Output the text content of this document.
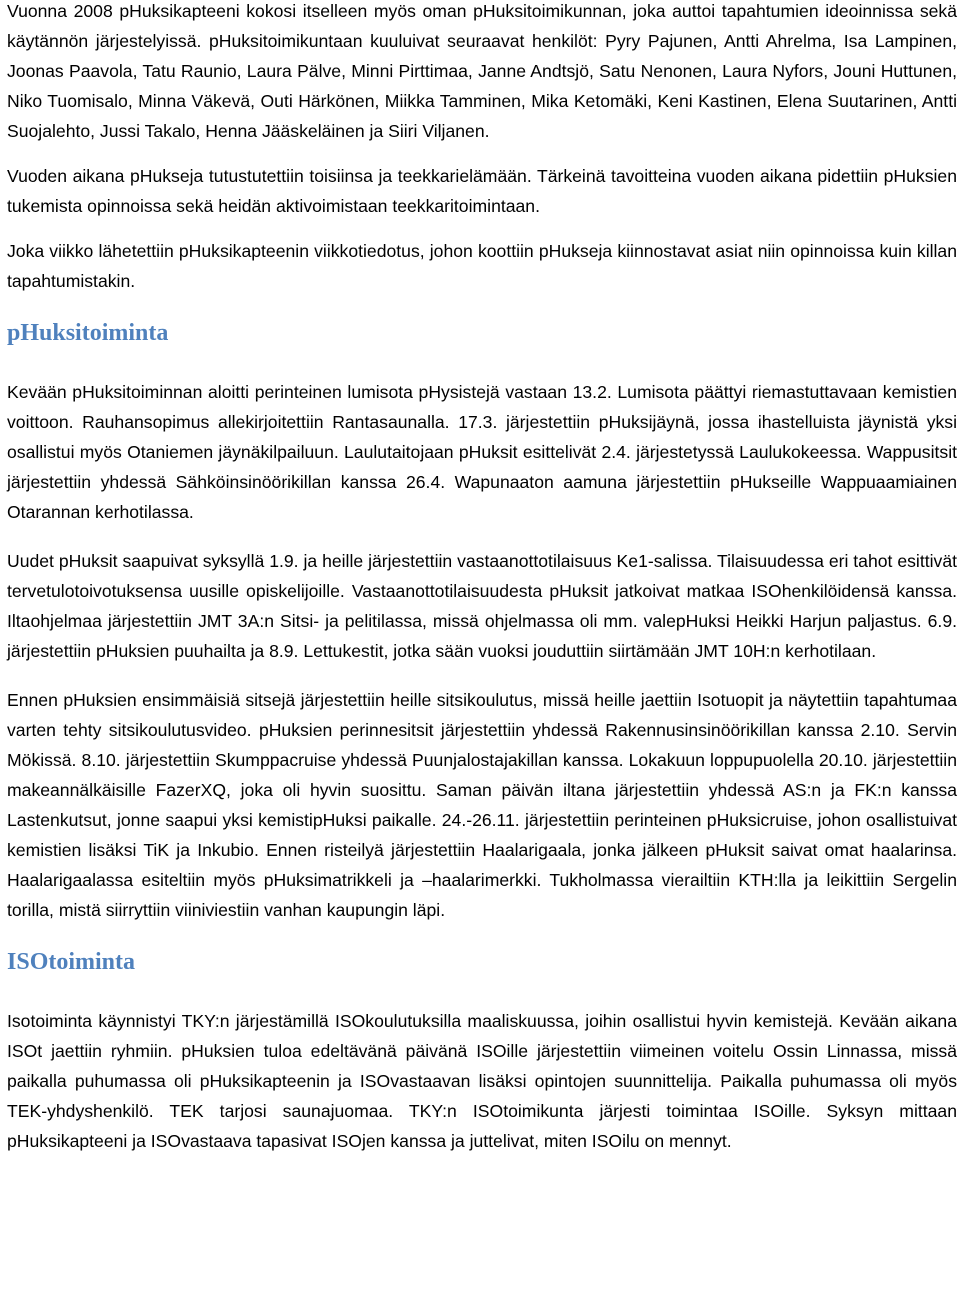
Vuonna 2008 pHuksikapteeni kokosi itselleen myös oman pHuksitoimikunnan, joka auttoi tapahtumien ideoinnissa sekä käytännön järjestelyissä. pHuksitoimikuntaan kuuluivat seuraavat henkilöt: Pyry Pajunen, Antti Ahrelma, Isa Lampinen, Joonas Paavola, Tatu Raunio, Laura Pälve, Minni Pirttimaa, Janne Andtsjö, Satu Nenonen, Laura Nyfors, Jouni Huttunen, Niko Tuomisalo, Minna Väkevä, Outi Härkönen, Miikka Tamminen, Mika Ketomäki, Keni Kastinen, Elena Suutarinen, Antti Suojalehto, Jussi Takalo, Henna Jääskeläinen ja Siiri Viljanen.

Vuoden aikana pHukseja tutustutettiin toisiinsa ja teekkarielämään. Tärkeinä tavoitteina vuoden aikana pidettiin pHuksien tukemista opinnoissa sekä heidän aktivoimistaan teekkaritoimintaan.

Joka viikko lähetettiin pHuksikapteenin viikkotiedotus, johon koottiin pHukseja kiinnostavat asiat niin opinnoissa kuin killan tapahtumistakin.

pHuksitoiminta

Kevään pHuksitoiminnan aloitti perinteinen lumisota pHysistejä vastaan 13.2. Lumisota päättyi riemastuttavaan kemistien voittoon. Rauhansopimus allekirjoitettiin Rantasaunalla. 17.3. järjestettiin pHuksijäynä, jossa ihastelluista jäynistä yksi osallistui myös Otaniemen jäynäkilpailuun. Laulutaitojaan pHuksit esittelivät 2.4. järjestetyssä Laulukokeessa. Wappusitsit järjestettiin yhdessä Sähköinsinöörikillan kanssa 26.4. Wapunaaton aamuna järjestettiin pHukseille Wappuaamiainen Otarannan kerhotilassa.

Uudet pHuksit saapuivat syksyllä 1.9. ja heille järjestettiin vastaanottotilaisuus Ke1-salissa. Tilaisuudessa eri tahot esittivät tervetulotoivotuksensa uusille opiskelijoille. Vastaanottotilaisuudesta pHuksit jatkoivat matkaa ISOhenkilöidensä kanssa. Iltaohjelmaa järjestettiin JMT 3A:n Sitsi- ja pelitilassa, missä ohjelmassa oli mm. valepHuksi Heikki Harjun paljastus. 6.9. järjestettiin pHuksien puuhailta ja 8.9. Lettukestit, jotka sään vuoksi jouduttiin siirtämään JMT 10H:n kerhotilaan.

Ennen pHuksien ensimmäisiä sitsejä järjestettiin heille sitsikoulutus, missä heille jaettiin Isotuopit ja näytettiin tapahtumaa varten tehty sitsikoulutusvideo. pHuksien perinnesitsit järjestettiin yhdessä Rakennusinsinöörikillan kanssa 2.10. Servin Mökissä. 8.10. järjestettiin Skumppacruise yhdessä Puunjalostajakillan kanssa. Lokakuun loppupuolella 20.10. järjestettiin makeannälkäisille FazerXQ, joka oli hyvin suosittu. Saman päivän iltana järjestettiin yhdessä AS:n ja FK:n kanssa Lastenkutsut, jonne saapui yksi kemistipHuksi paikalle. 24.-26.11. järjestettiin perinteinen pHuksicruise, johon osallistuivat kemistien lisäksi TiK ja Inkubio. Ennen risteilyä järjestettiin Haalarigaala, jonka jälkeen pHuksit saivat omat haalarinsa. Haalarigaalassa esiteltiin myös pHuksimatrikkeli ja –haalarimerkki. Tukholmassa vierailtiin KTH:lla ja leikittiin Sergelin torilla, mistä siirryttiin viiniviestiin vanhan kaupungin läpi.

ISOtoiminta

Isotoiminta käynnistyi TKY:n järjestämillä ISOkoulutuksilla maaliskuussa, joihin osallistui hyvin kemistejä. Kevään aikana ISOt jaettiin ryhmiin. pHuksien tuloa edeltävänä päivänä ISOille järjestettiin viimeinen voitelu Ossin Linnassa, missä paikalla puhumassa oli pHuksikapteenin ja ISOvastaavan lisäksi opintojen suunnittelija. Paikalla puhumassa oli myös TEK-yhdyshenkilö. TEK tarjosi saunajuomaa. TKY:n ISOtoimikunta järjesti toimintaa ISOille. Syksyn mittaan pHuksikapteeni ja ISOvastaava tapasivat ISOjen kanssa ja juttelivat, miten ISOilu on mennyt.
